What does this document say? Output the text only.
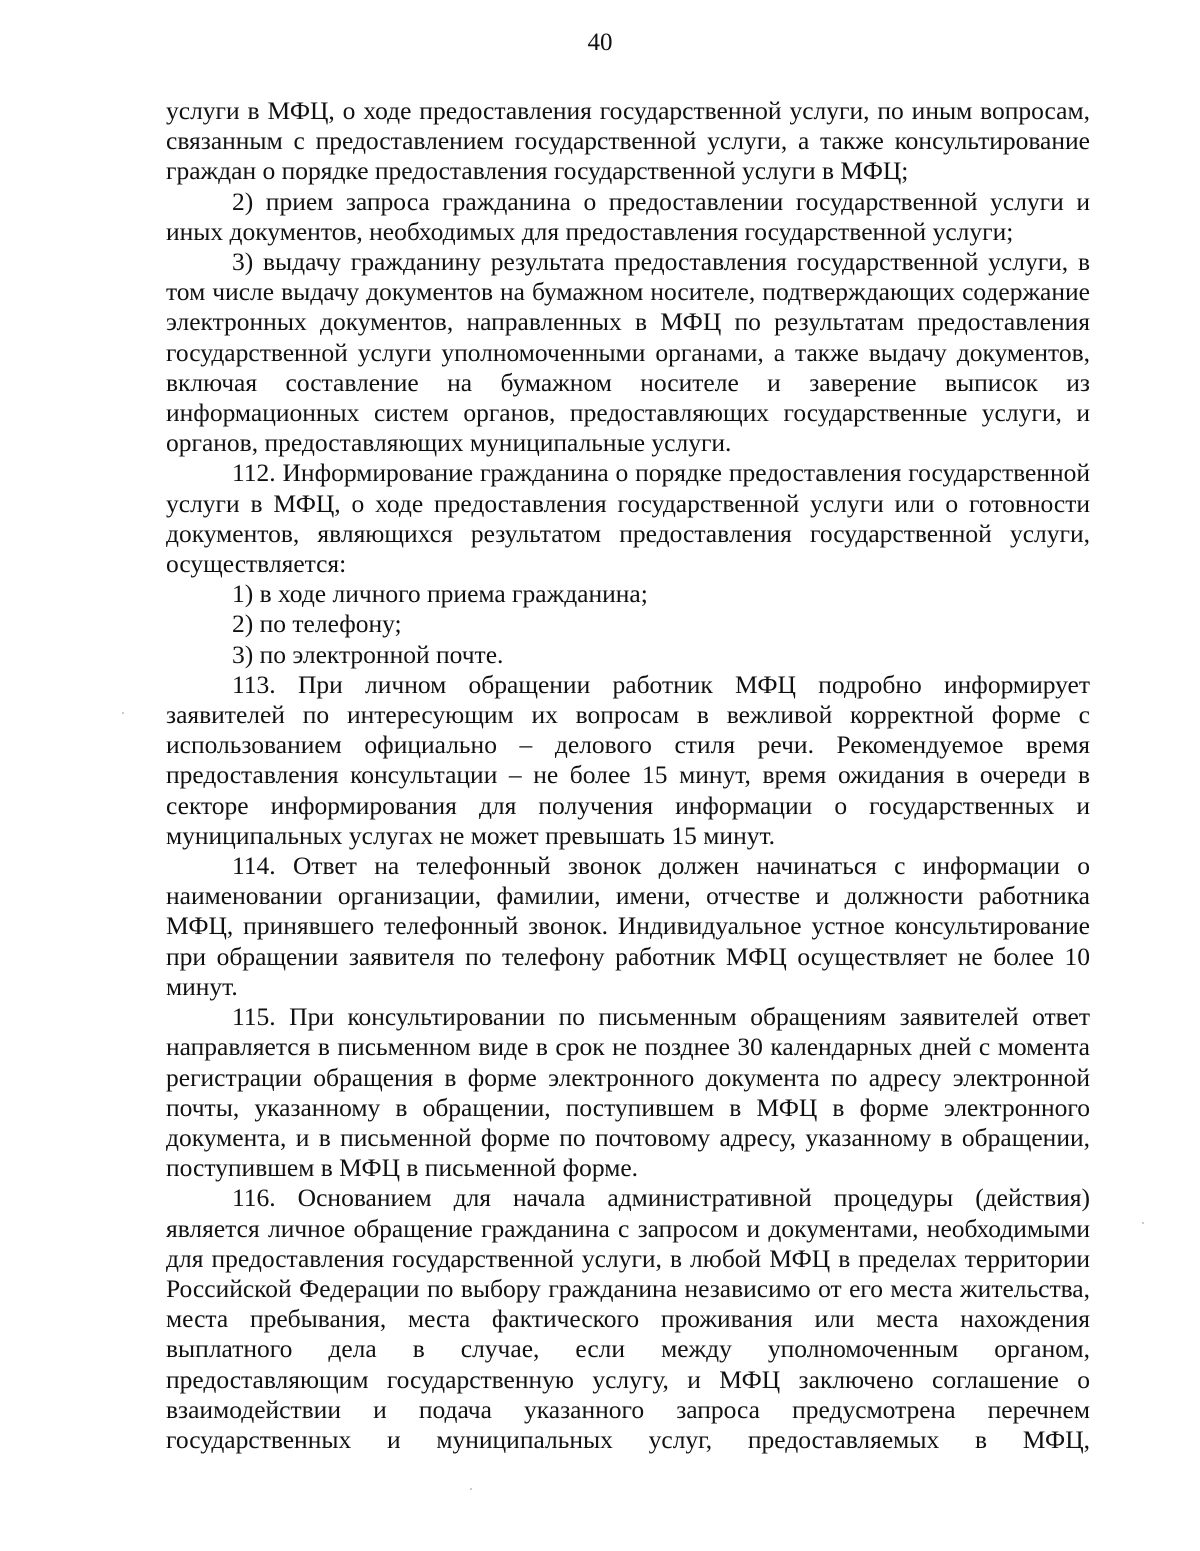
40

услуги в МФЦ, о ходе предоставления государственной услуги, по иным вопросам, связанным с предоставлением государственной услуги, а также консультирование граждан о порядке предоставления государственной услуги в МФЦ;

2) прием запроса гражданина о предоставлении государственной услуги и иных документов, необходимых для предоставления государственной услуги;

3) выдачу гражданину результата предоставления государственной услуги, в том числе выдачу документов на бумажном носителе, подтверждающих содержание электронных документов, направленных в МФЦ по результатам предоставления государственной услуги уполномоченными органами, а также выдачу документов, включая составление на бумажном носителе и заверение выписок из информационных систем органов, предоставляющих государственные услуги, и органов, предоставляющих муниципальные услуги.

112. Информирование гражданина о порядке предоставления государственной услуги в МФЦ, о ходе предоставления государственной услуги или о готовности документов, являющихся результатом предоставления государственной услуги, осуществляется:

1) в ходе личного приема гражданина;

2) по телефону;

3) по электронной почте.

113. При личном обращении работник МФЦ подробно информирует заявителей по интересующим их вопросам в вежливой корректной форме с использованием официально – делового стиля речи. Рекомендуемое время предоставления консультации – не более 15 минут, время ожидания в очереди в секторе информирования для получения информации о государственных и муниципальных услугах не может превышать 15 минут.

114. Ответ на телефонный звонок должен начинаться с информации о наименовании организации, фамилии, имени, отчестве и должности работника МФЦ, принявшего телефонный звонок. Индивидуальное устное консультирование при обращении заявителя по телефону работник МФЦ осуществляет не более 10 минут.

115. При консультировании по письменным обращениям заявителей ответ направляется в письменном виде в срок не позднее 30 календарных дней с момента регистрации обращения в форме электронного документа по адресу электронной почты, указанному в обращении, поступившем в МФЦ в форме электронного документа, и в письменной форме по почтовому адресу, указанному в обращении, поступившем в МФЦ в письменной форме.

116. Основанием для начала административной процедуры (действия) является личное обращение гражданина с запросом и документами, необходимыми для предоставления государственной услуги, в любой МФЦ в пределах территории Российской Федерации по выбору гражданина независимо от его места жительства, места пребывания, места фактического проживания или места нахождения выплатного дела в случае, если между уполномоченным органом, предоставляющим государственную услугу, и МФЦ заключено соглашение о взаимодействии и подача указанного запроса предусмотрена перечнем государственных и муниципальных услуг, предоставляемых в МФЦ,
